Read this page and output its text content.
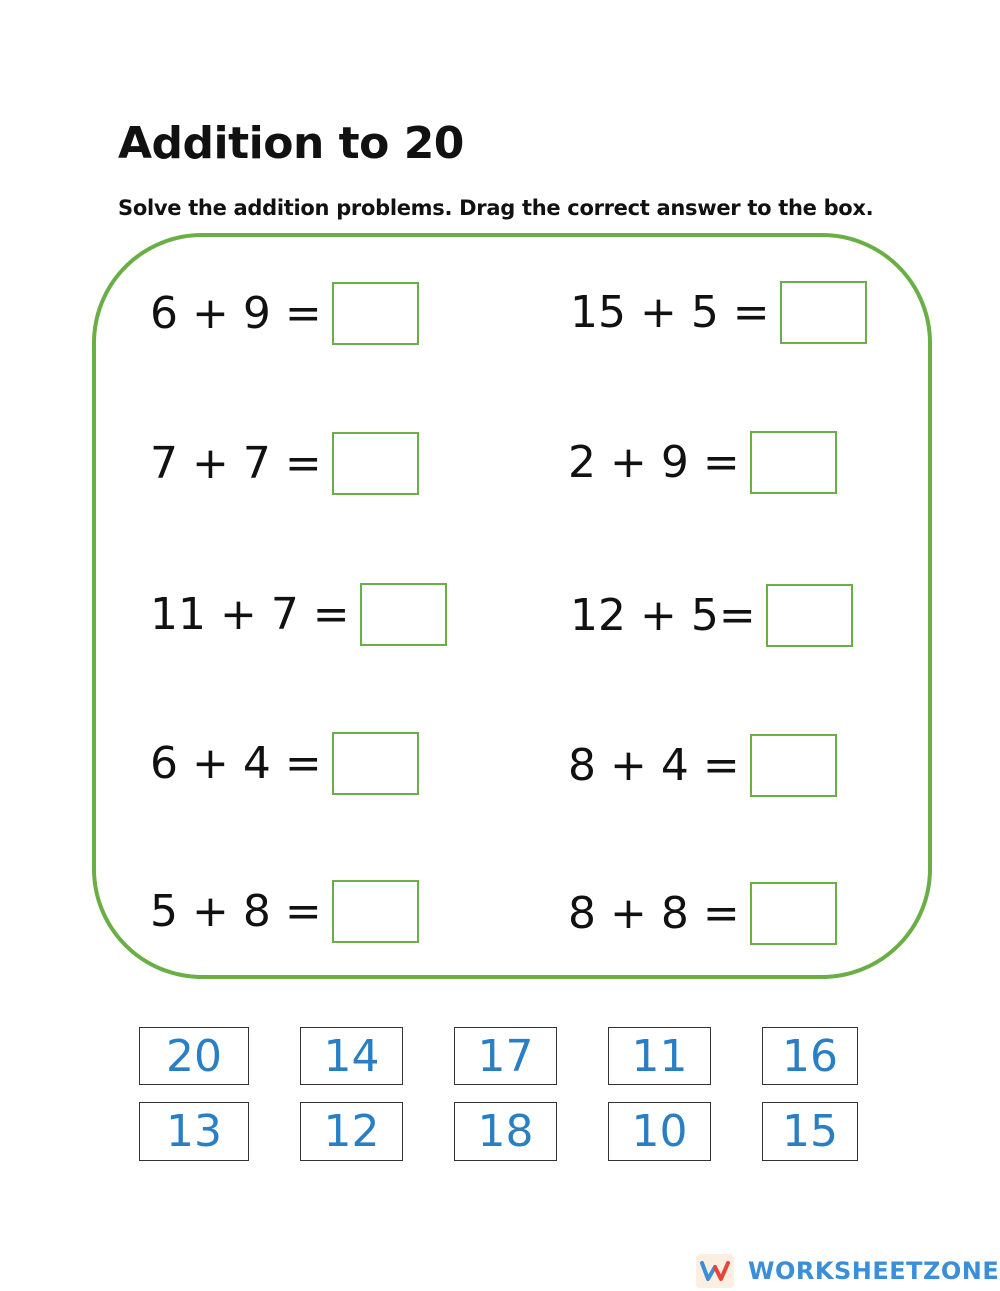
Addition to 20
Solve the addition problems. Drag the correct answer to the box.
6 + 9 =
7 + 7 =
11 + 7 =
6 + 4 =
5 + 8 =
15 + 5 =
2 + 9 =
12 + 5=
8 + 4 =
8 + 8 =
20	14	17	11	16
13	12	18	10	15
WORKSHEETZONE
